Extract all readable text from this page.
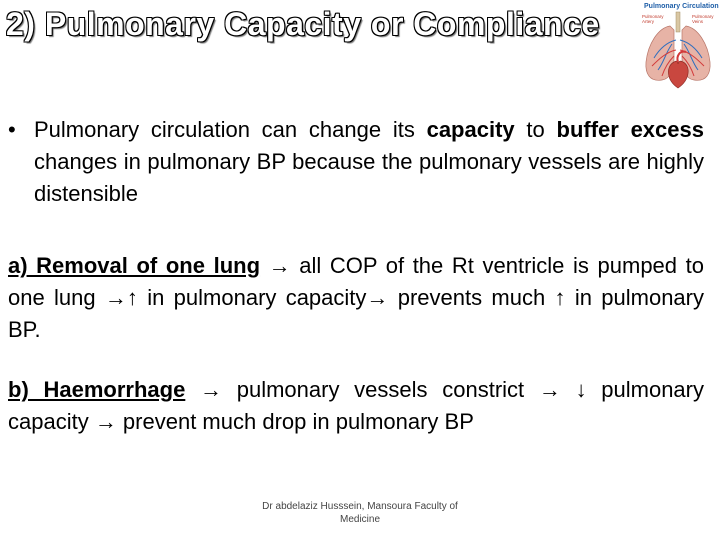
2) Pulmonary Capacity or Compliance	Pulmonary Circulation
Pulmonary Artery
Pulmonary Veins
• Pulmonary circulation can change its capacity to buffer excess changes in pulmonary BP because the pulmonary vessels are highly distensible
a) Removal of one lung → all COP of the Rt ventricle is pumped to one lung →↑ in pulmonary capacity→ prevents much ↑ in pulmonary BP.
b) Haemorrhage → pulmonary vessels constrict → ↓ pulmonary capacity → prevent much drop in pulmonary BP
Dr abdelaziz Husssein, Mansoura Faculty of Medicine
